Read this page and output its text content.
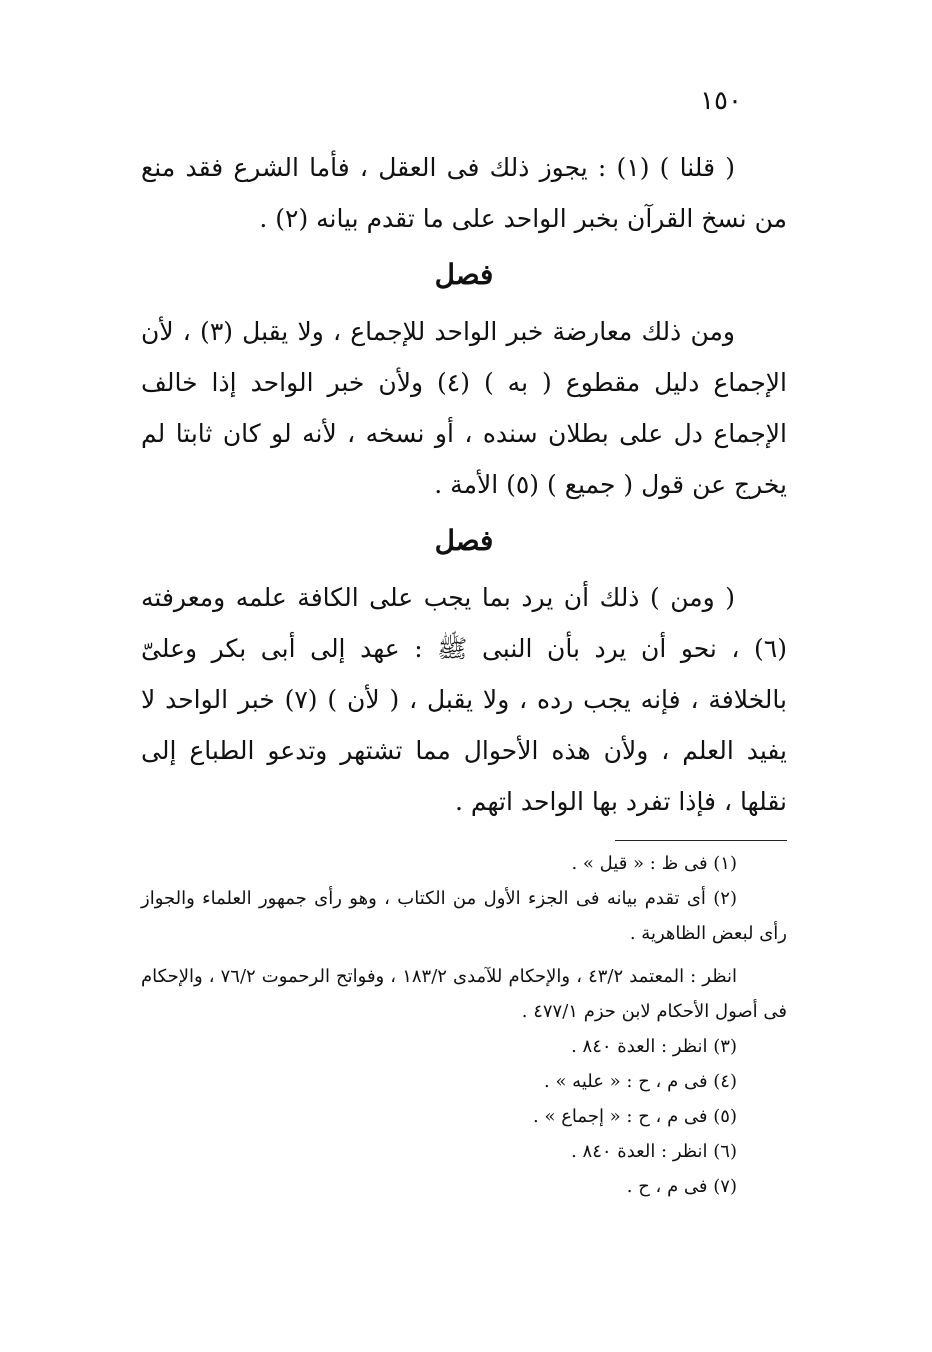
١٥٠

( قلنا ) (١) : يجوز ذلك فى العقل ، فأما الشرع فقد منع من نسخ القرآن بخبر الواحد على ما تقدم بيانه (٢) .

فصل

ومن ذلك معارضة خبر الواحد للإجماع ، ولا يقبل (٣) ، لأن الإجماع دليل مقطوع ( به ) (٤) ولأن خبر الواحد إذا خالف الإجماع دل على بطلان سنده ، أو نسخه ، لأنه لو كان ثابتا لم يخرج عن قول ( جميع ) (٥) الأمة .

فصل

( ومن ) ذلك أن يرد بما يجب على الكافة علمه ومعرفته (٦) ، نحو أن يرد بأن النبى ﷺ : عهد إلى أبى بكر وعلىّ بالخلافة ، فإنه يجب رده ، ولا يقبل ، ( لأن ) (٧) خبر الواحد لا يفيد العلم ، ولأن هذه الأحوال مما تشتهر وتدعو الطباع إلى نقلها ، فإذا تفرد بها الواحد اتهم .

(١) فى ظ : « قيل » .

(٢) أى تقدم بيانه فى الجزء الأول من الكتاب ، وهو رأى جمهور العلماء والجواز رأى لبعض الظاهرية .

انظر : المعتمد ٤٣/٢ ، والإحكام للآمدى ١٨٣/٢ ، وفواتح الرحموت ٧٦/٢ ، والإحكام فى أصول الأحكام لابن حزم ٤٧٧/١ .

(٣) انظر : العدة ٨٤٠ .

(٤) فى م ، ح : « عليه » .

(٥) فى م ، ح : « إجماع » .

(٦) انظر : العدة ٨٤٠ .

(٧) فى م ، ح .
